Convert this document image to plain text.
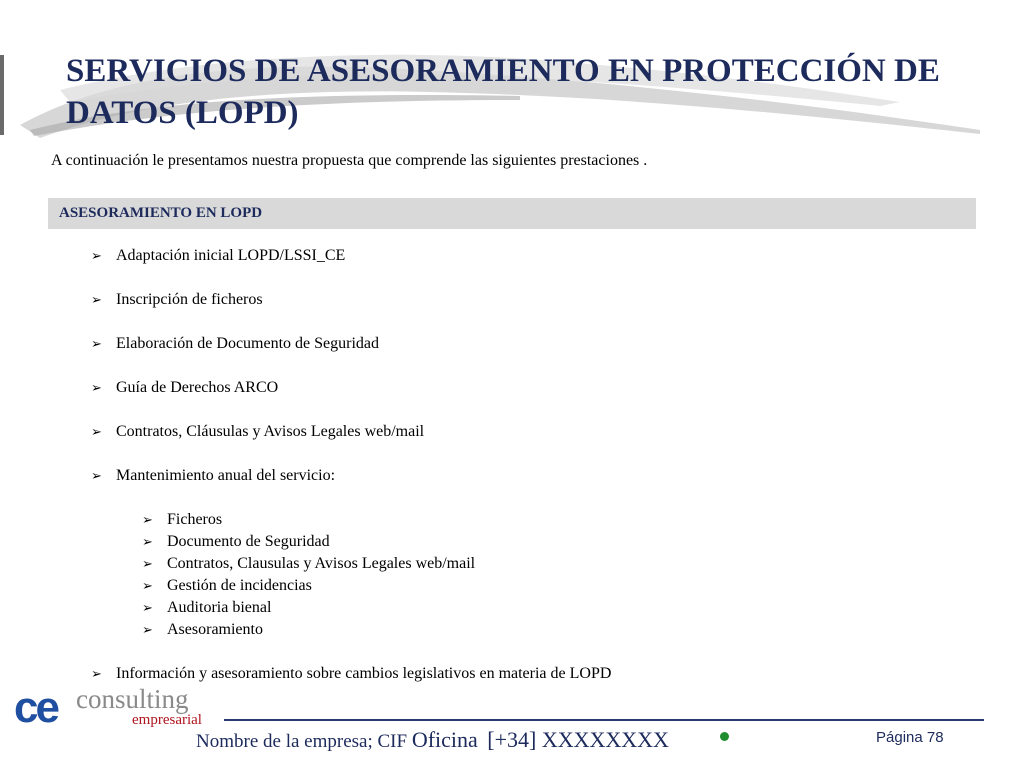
SERVICIOS DE ASESORAMIENTO EN PROTECCIÓN DE DATOS (LOPD)

A continuación le presentamos nuestra propuesta que comprende las siguientes prestaciones .

ASESORAMIENTO EN LOPD
➢ Adaptación inicial LOPD/LSSI_CE
➢ Inscripción de ficheros
➢ Elaboración de Documento de Seguridad
➢ Guía de Derechos ARCO
➢ Contratos, Cláusulas y Avisos Legales web/mail
➢ Mantenimiento anual del servicio:
➢ Ficheros
➢ Documento de Seguridad
➢ Contratos, Clausulas y Avisos Legales web/mail
➢ Gestión de incidencias
➢ Auditoria bienal
➢ Asesoramiento
➢ Información y asesoramiento sobre cambios legislativos en materia de LOPD
ce consulting
empresarial

Nombre de la empresa; CIF Oficina [+34] XXXXXXXX	Página 78
